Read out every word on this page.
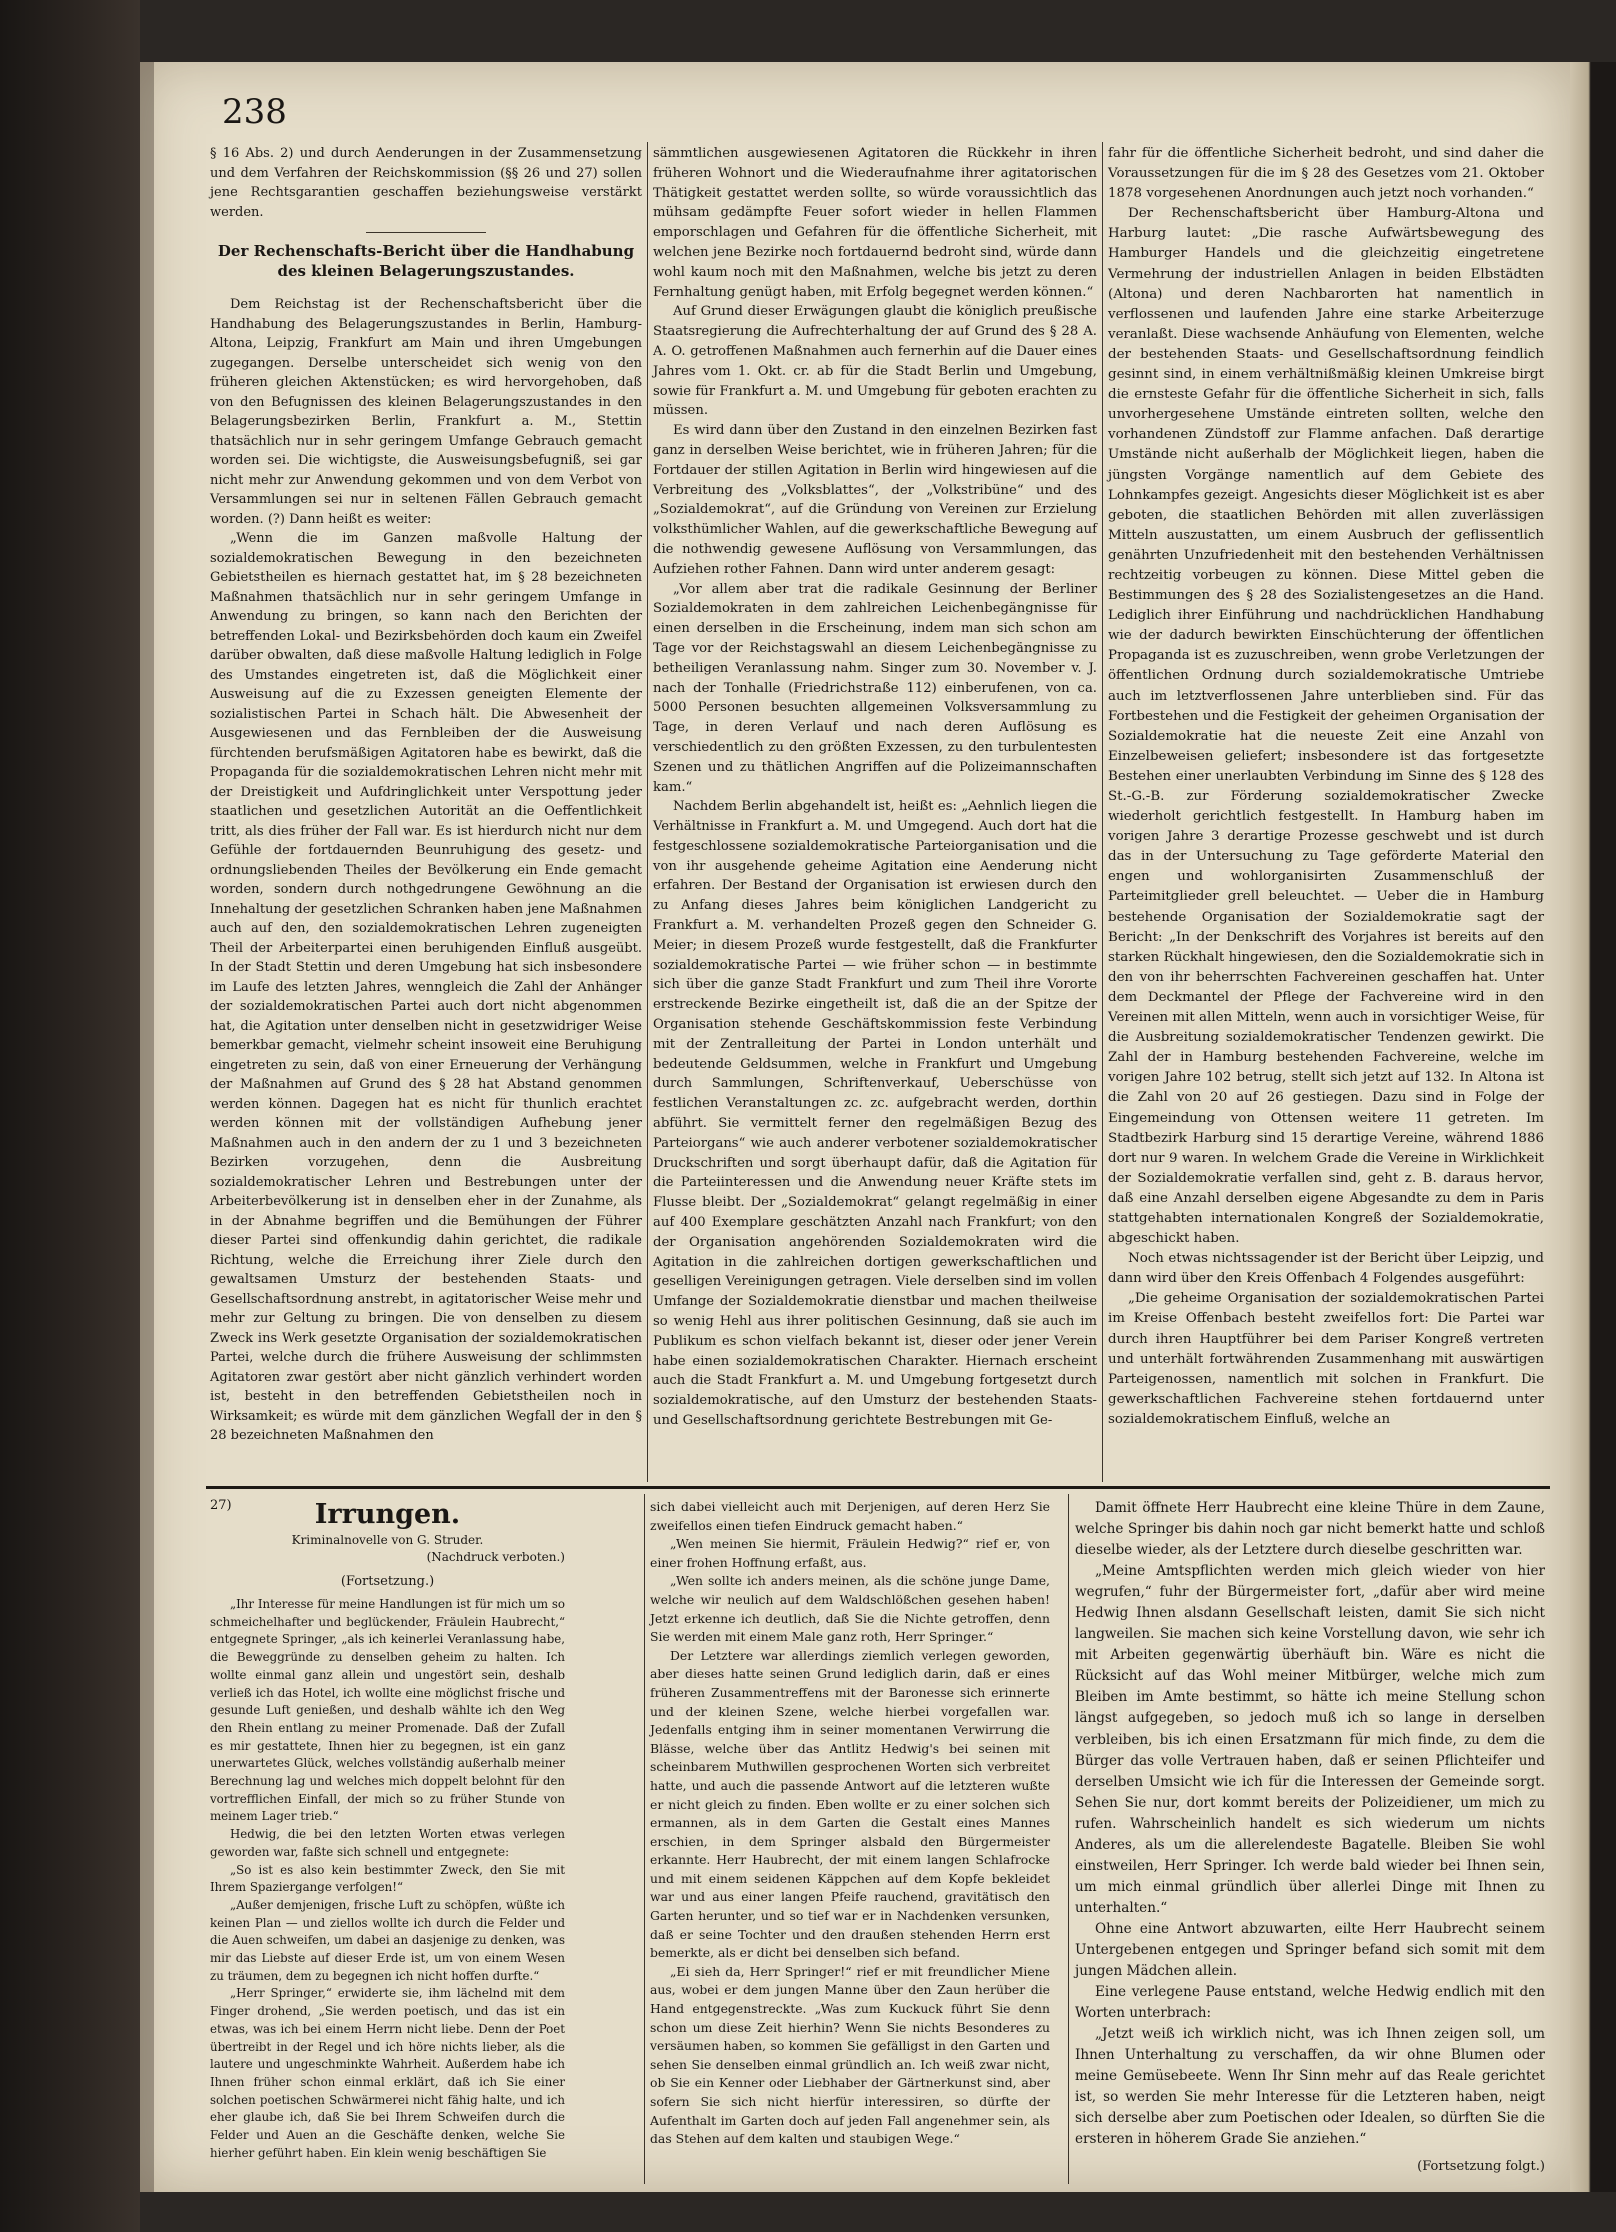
238

§ 16 Abs. 2) und durch Aenderungen in der Zusammensetzung und dem Verfahren der Reichskommission (§§ 26 und 27) sollen jene Rechtsgarantien geschaffen beziehungsweise verstärkt werden.

Der Rechenschafts-Bericht über die Handhabung des kleinen Belagerungszustandes.

Dem Reichstag ist der Rechenschaftsbericht über die Handhabung des Belagerungszustandes in Berlin, Hamburg-Altona, Leipzig, Frankfurt am Main und ihren Umgebungen zugegangen. Derselbe unterscheidet sich wenig von den früheren gleichen Aktenstücken; es wird hervorgehoben, daß von den Befugnissen des kleinen Belagerungszustandes in den Belagerungsbezirken Berlin, Frankfurt a. M., Stettin thatsächlich nur in sehr geringem Umfange Gebrauch gemacht worden sei. Die wichtigste, die Ausweisungsbefugniß, sei gar nicht mehr zur Anwendung gekommen und von dem Verbot von Versammlungen sei nur in seltenen Fällen Gebrauch gemacht worden. (?) Dann heißt es weiter:

„Wenn die im Ganzen maßvolle Haltung der sozialdemokratischen Bewegung in den bezeichneten Gebietstheilen es hiernach gestattet hat, im § 28 bezeichneten Maßnahmen thatsächlich nur in sehr geringem Umfange in Anwendung zu bringen, so kann nach den Berichten der betreffenden Lokal- und Bezirksbehörden doch kaum ein Zweifel darüber obwalten, daß diese maßvolle Haltung lediglich in Folge des Umstandes eingetreten ist, daß die Möglichkeit einer Ausweisung auf die zu Exzessen geneigten Elemente der sozialistischen Partei in Schach hält. Die Abwesenheit der Ausgewiesenen und das Fernbleiben der die Ausweisung fürchtenden berufsmäßigen Agitatoren habe es bewirkt, daß die Propaganda für die sozialdemokratischen Lehren nicht mehr mit der Dreistigkeit und Aufdringlichkeit unter Verspottung jeder staatlichen und gesetzlichen Autorität an die Oeffentlichkeit tritt, als dies früher der Fall war. Es ist hierdurch nicht nur dem Gefühle der fortdauernden Beunruhigung des gesetz- und ordnungsliebenden Theiles der Bevölkerung ein Ende gemacht worden, sondern durch nothgedrungene Gewöhnung an die Innehaltung der gesetzlichen Schranken haben jene Maßnahmen auch auf den, den sozialdemokratischen Lehren zugeneigten Theil der Arbeiterpartei einen beruhigenden Einfluß ausgeübt. In der Stadt Stettin und deren Umgebung hat sich insbesondere im Laufe des letzten Jahres, wenngleich die Zahl der Anhänger der sozialdemokratischen Partei auch dort nicht abgenommen hat, die Agitation unter denselben nicht in gesetzwidriger Weise bemerkbar gemacht, vielmehr scheint insoweit eine Beruhigung eingetreten zu sein, daß von einer Erneuerung der Verhängung der Maßnahmen auf Grund des § 28 hat Abstand genommen werden können. Dagegen hat es nicht für thunlich erachtet werden können mit der vollständigen Aufhebung jener Maßnahmen auch in den andern der zu 1 und 3 bezeichneten Bezirken vorzugehen, denn die Ausbreitung sozialdemokratischer Lehren und Bestrebungen unter der Arbeiterbevölkerung ist in denselben eher in der Zunahme, als in der Abnahme begriffen und die Bemühungen der Führer dieser Partei sind offenkundig dahin gerichtet, die radikale Richtung, welche die Erreichung ihrer Ziele durch den gewaltsamen Umsturz der bestehenden Staats- und Gesellschaftsordnung anstrebt, in agitatorischer Weise mehr und mehr zur Geltung zu bringen. Die von denselben zu diesem Zweck ins Werk gesetzte Organisation der sozialdemokratischen Partei, welche durch die frühere Ausweisung der schlimmsten Agitatoren zwar gestört aber nicht gänzlich verhindert worden ist, besteht in den betreffenden Gebietstheilen noch in Wirksamkeit; es würde mit dem gänzlichen Wegfall der in den § 28 bezeichneten Maßnahmen den

sämmtlichen ausgewiesenen Agitatoren die Rückkehr in ihren früheren Wohnort und die Wiederaufnahme ihrer agitatorischen Thätigkeit gestattet werden sollte, so würde voraussichtlich das mühsam gedämpfte Feuer sofort wieder in hellen Flammen emporschlagen und Gefahren für die öffentliche Sicherheit, mit welchen jene Bezirke noch fortdauernd bedroht sind, würde dann wohl kaum noch mit den Maßnahmen, welche bis jetzt zu deren Fernhaltung genügt haben, mit Erfolg begegnet werden können.“

Auf Grund dieser Erwägungen glaubt die königlich preußische Staatsregierung die Aufrechterhaltung der auf Grund des § 28 A. A. O. getroffenen Maßnahmen auch fernerhin auf die Dauer eines Jahres vom 1. Okt. cr. ab für die Stadt Berlin und Umgebung, sowie für Frankfurt a. M. und Umgebung für geboten erachten zu müssen.

Es wird dann über den Zustand in den einzelnen Bezirken fast ganz in derselben Weise berichtet, wie in früheren Jahren; für die Fortdauer der stillen Agitation in Berlin wird hingewiesen auf die Verbreitung des „Volksblattes“, der „Volkstribüne“ und des „Sozialdemokrat“, auf die Gründung von Vereinen zur Erzielung volksthümlicher Wahlen, auf die gewerkschaftliche Bewegung auf die nothwendig gewesene Auflösung von Versammlungen, das Aufziehen rother Fahnen. Dann wird unter anderem gesagt:

„Vor allem aber trat die radikale Gesinnung der Berliner Sozialdemokraten in dem zahlreichen Leichenbegängnisse für einen derselben in die Erscheinung, indem man sich schon am Tage vor der Reichstagswahl an diesem Leichenbegängnisse zu betheiligen Veranlassung nahm. Singer zum 30. November v. J. nach der Tonhalle (Friedrichstraße 112) einberufenen, von ca. 5000 Personen besuchten allgemeinen Volksversammlung zu Tage, in deren Verlauf und nach deren Auflösung es verschiedentlich zu den größten Exzessen, zu den turbulentesten Szenen und zu thätlichen Angriffen auf die Polizeimannschaften kam.“

Nachdem Berlin abgehandelt ist, heißt es: „Aehnlich liegen die Verhältnisse in Frankfurt a. M. und Umgegend. Auch dort hat die festgeschlossene sozialdemokratische Parteiorganisation und die von ihr ausgehende geheime Agitation eine Aenderung nicht erfahren. Der Bestand der Organisation ist erwiesen durch den zu Anfang dieses Jahres beim königlichen Landgericht zu Frankfurt a. M. verhandelten Prozeß gegen den Schneider G. Meier; in diesem Prozeß wurde festgestellt, daß die Frankfurter sozialdemokratische Partei — wie früher schon — in bestimmte sich über die ganze Stadt Frankfurt und zum Theil ihre Vororte erstreckende Bezirke eingetheilt ist, daß die an der Spitze der Organisation stehende Geschäftskommission feste Verbindung mit der Zentralleitung der Partei in London unterhält und bedeutende Geldsummen, welche in Frankfurt und Umgebung durch Sammlungen, Schriftenverkauf, Ueberschüsse von festlichen Veranstaltungen zc. zc. aufgebracht werden, dorthin abführt. Sie vermittelt ferner den regelmäßigen Bezug des Parteiorgans“ wie auch anderer verbotener sozialdemokratischer Druckschriften und sorgt überhaupt dafür, daß die Agitation für die Parteiinteressen und die Anwendung neuer Kräfte stets im Flusse bleibt. Der „Sozialdemokrat“ gelangt regelmäßig in einer auf 400 Exemplare geschätzten Anzahl nach Frankfurt; von den der Organisation angehörenden Sozialdemokraten wird die Agitation in die zahlreichen dortigen gewerkschaftlichen und geselligen Vereinigungen getragen. Viele derselben sind im vollen Umfange der Sozialdemokratie dienstbar und machen theilweise so wenig Hehl aus ihrer politischen Gesinnung, daß sie auch im Publikum es schon vielfach bekannt ist, dieser oder jener Verein habe einen sozialdemokratischen Charakter. Hiernach erscheint auch die Stadt Frankfurt a. M. und Umgebung fortgesetzt durch sozialdemokratische, auf den Umsturz der bestehenden Staats- und Gesellschaftsordnung gerichtete Bestrebungen mit Ge-

fahr für die öffentliche Sicherheit bedroht, und sind daher die Voraussetzungen für die im § 28 des Gesetzes vom 21. Oktober 1878 vorgesehenen Anordnungen auch jetzt noch vorhanden.“

Der Rechenschaftsbericht über Hamburg-Altona und Harburg lautet: „Die rasche Aufwärtsbewegung des Hamburger Handels und die gleichzeitig eingetretene Vermehrung der industriellen Anlagen in beiden Elbstädten (Altona) und deren Nachbarorten hat namentlich in verflossenen und laufenden Jahre eine starke Arbeiterzuge veranlaßt. Diese wachsende Anhäufung von Elementen, welche der bestehenden Staats- und Gesellschaftsordnung feindlich gesinnt sind, in einem verhältnißmäßig kleinen Umkreise birgt die ernsteste Gefahr für die öffentliche Sicherheit in sich, falls unvorhergesehene Umstände eintreten sollten, welche den vorhandenen Zündstoff zur Flamme anfachen. Daß derartige Umstände nicht außerhalb der Möglichkeit liegen, haben die jüngsten Vorgänge namentlich auf dem Gebiete des Lohnkampfes gezeigt. Angesichts dieser Möglichkeit ist es aber geboten, die staatlichen Behörden mit allen zuverlässigen Mitteln auszustatten, um einem Ausbruch der geflissentlich genährten Unzufriedenheit mit den bestehenden Verhältnissen rechtzeitig vorbeugen zu können. Diese Mittel geben die Bestimmungen des § 28 des Sozialistengesetzes an die Hand. Lediglich ihrer Einführung und nachdrücklichen Handhabung wie der dadurch bewirkten Einschüchterung der öffentlichen Propaganda ist es zuzuschreiben, wenn grobe Verletzungen der öffentlichen Ordnung durch sozialdemokratische Umtriebe auch im letztverflossenen Jahre unterblieben sind. Für das Fortbestehen und die Festigkeit der geheimen Organisation der Sozialdemokratie hat die neueste Zeit eine Anzahl von Einzelbeweisen geliefert; insbesondere ist das fortgesetzte Bestehen einer unerlaubten Verbindung im Sinne des § 128 des St.-G.-B. zur Förderung sozialdemokratischer Zwecke wiederholt gerichtlich festgestellt. In Hamburg haben im vorigen Jahre 3 derartige Prozesse geschwebt und ist durch das in der Untersuchung zu Tage geförderte Material den engen und wohlorganisirten Zusammenschluß der Parteimitglieder grell beleuchtet. — Ueber die in Hamburg bestehende Organisation der Sozialdemokratie sagt der Bericht: „In der Denkschrift des Vorjahres ist bereits auf den starken Rückhalt hingewiesen, den die Sozialdemokratie sich in den von ihr beherrschten Fachvereinen geschaffen hat. Unter dem Deckmantel der Pflege der Fachvereine wird in den Vereinen mit allen Mitteln, wenn auch in vorsichtiger Weise, für die Ausbreitung sozialdemokratischer Tendenzen gewirkt. Die Zahl der in Hamburg bestehenden Fachvereine, welche im vorigen Jahre 102 betrug, stellt sich jetzt auf 132. In Altona ist die Zahl von 20 auf 26 gestiegen. Dazu sind in Folge der Eingemeindung von Ottensen weitere 11 getreten. Im Stadtbezirk Harburg sind 15 derartige Vereine, während 1886 dort nur 9 waren. In welchem Grade die Vereine in Wirklichkeit der Sozialdemokratie verfallen sind, geht z. B. daraus hervor, daß eine Anzahl derselben eigene Abgesandte zu dem in Paris stattgehabten internationalen Kongreß der Sozialdemokratie, abgeschickt haben.

Noch etwas nichtssagender ist der Bericht über Leipzig, und dann wird über den Kreis Offenbach 4 Folgendes ausgeführt:

„Die geheime Organisation der sozialdemokratischen Partei im Kreise Offenbach besteht zweifellos fort: Die Partei war durch ihren Hauptführer bei dem Pariser Kongreß vertreten und unterhält fortwährenden Zusammenhang mit auswärtigen Parteigenossen, namentlich mit solchen in Frankfurt. Die gewerkschaftlichen Fachvereine stehen fortdauernd unter sozialdemokratischem Einfluß, welche an

27)	Irrungen.
Kriminalnovelle von G. Struder.
(Nachdruck verboten.)
(Fortsetzung.)

„Ihr Interesse für meine Handlungen ist für mich um so schmeichelhafter und beglückender, Fräulein Haubrecht,“ entgegnete Springer, „als ich keinerlei Veranlassung habe, die Beweggründe zu denselben geheim zu halten. Ich wollte einmal ganz allein und ungestört sein, deshalb verließ ich das Hotel, ich wollte eine möglichst frische und gesunde Luft genießen, und deshalb wählte ich den Weg den Rhein entlang zu meiner Promenade. Daß der Zufall es mir gestattete, Ihnen hier zu begegnen, ist ein ganz unerwartetes Glück, welches vollständig außerhalb meiner Berechnung lag und welches mich doppelt belohnt für den vortrefflichen Einfall, der mich so zu früher Stunde von meinem Lager trieb.“

Hedwig, die bei den letzten Worten etwas verlegen geworden war, faßte sich schnell und entgegnete:

„So ist es also kein bestimmter Zweck, den Sie mit Ihrem Spaziergange verfolgen!“

„Außer demjenigen, frische Luft zu schöpfen, wüßte ich keinen Plan — und ziellos wollte ich durch die Felder und die Auen schweifen, um dabei an dasjenige zu denken, was mir das Liebste auf dieser Erde ist, um von einem Wesen zu träumen, dem zu begegnen ich nicht hoffen durfte.“

„Herr Springer,“ erwiderte sie, ihm lächelnd mit dem Finger drohend, „Sie werden poetisch, und das ist ein etwas, was ich bei einem Herrn nicht liebe. Denn der Poet übertreibt in der Regel und ich höre nichts lieber, als die lautere und ungeschminkte Wahrheit. Außerdem habe ich Ihnen früher schon einmal erklärt, daß ich Sie einer solchen poetischen Schwärmerei nicht fähig halte, und ich eher glaube ich, daß Sie bei Ihrem Schweifen durch die Felder und Auen an die Geschäfte denken, welche Sie hierher geführt haben. Ein klein wenig beschäftigen Sie

sich dabei vielleicht auch mit Derjenigen, auf deren Herz Sie zweifellos einen tiefen Eindruck gemacht haben.“

„Wen meinen Sie hiermit, Fräulein Hedwig?“ rief er, von einer frohen Hoffnung erfaßt, aus.

„Wen sollte ich anders meinen, als die schöne junge Dame, welche wir neulich auf dem Waldschlößchen gesehen haben! Jetzt erkenne ich deutlich, daß Sie die Nichte getroffen, denn Sie werden mit einem Male ganz roth, Herr Springer.“

Der Letztere war allerdings ziemlich verlegen geworden, aber dieses hatte seinen Grund lediglich darin, daß er eines früheren Zusammentreffens mit der Baronesse sich erinnerte und der kleinen Szene, welche hierbei vorgefallen war. Jedenfalls entging ihm in seiner momentanen Verwirrung die Blässe, welche über das Antlitz Hedwig's bei seinen mit scheinbarem Muthwillen gesprochenen Worten sich verbreitet hatte, und auch die passende Antwort auf die letzteren wußte er nicht gleich zu finden. Eben wollte er zu einer solchen sich ermannen, als in dem Garten die Gestalt eines Mannes erschien, in dem Springer alsbald den Bürgermeister erkannte. Herr Haubrecht, der mit einem langen Schlafrocke und mit einem seidenen Käppchen auf dem Kopfe bekleidet war und aus einer langen Pfeife rauchend, gravitätisch den Garten herunter, und so tief war er in Nachdenken versunken, daß er seine Tochter und den draußen stehenden Herrn erst bemerkte, als er dicht bei denselben sich befand.

„Ei sieh da, Herr Springer!“ rief er mit freundlicher Miene aus, wobei er dem jungen Manne über den Zaun herüber die Hand entgegenstreckte. „Was zum Kuckuck führt Sie denn schon um diese Zeit hierhin? Wenn Sie nichts Besonderes zu versäumen haben, so kommen Sie gefälligst in den Garten und sehen Sie denselben einmal gründlich an. Ich weiß zwar nicht, ob Sie ein Kenner oder Liebhaber der Gärtnerkunst sind, aber sofern Sie sich nicht hierfür interessiren, so dürfte der Aufenthalt im Garten doch auf jeden Fall angenehmer sein, als das Stehen auf dem kalten und staubigen Wege.“

Damit öffnete Herr Haubrecht eine kleine Thüre in dem Zaune, welche Springer bis dahin noch gar nicht bemerkt hatte und schloß dieselbe wieder, als der Letztere durch dieselbe geschritten war.

„Meine Amtspflichten werden mich gleich wieder von hier wegrufen,“ fuhr der Bürgermeister fort, „dafür aber wird meine Hedwig Ihnen alsdann Gesellschaft leisten, damit Sie sich nicht langweilen. Sie machen sich keine Vorstellung davon, wie sehr ich mit Arbeiten gegenwärtig überhäuft bin. Wäre es nicht die Rücksicht auf das Wohl meiner Mitbürger, welche mich zum Bleiben im Amte bestimmt, so hätte ich meine Stellung schon längst aufgegeben, so jedoch muß ich so lange in derselben verbleiben, bis ich einen Ersatzmann für mich finde, zu dem die Bürger das volle Vertrauen haben, daß er seinen Pflichteifer und derselben Umsicht wie ich für die Interessen der Gemeinde sorgt. Sehen Sie nur, dort kommt bereits der Polizeidiener, um mich zu rufen. Wahrscheinlich handelt es sich wiederum um nichts Anderes, als um die allerelendeste Bagatelle. Bleiben Sie wohl einstweilen, Herr Springer. Ich werde bald wieder bei Ihnen sein, um mich einmal gründlich über allerlei Dinge mit Ihnen zu unterhalten.“

Ohne eine Antwort abzuwarten, eilte Herr Haubrecht seinem Untergebenen entgegen und Springer befand sich somit mit dem jungen Mädchen allein.

Eine verlegene Pause entstand, welche Hedwig endlich mit den Worten unterbrach:

„Jetzt weiß ich wirklich nicht, was ich Ihnen zeigen soll, um Ihnen Unterhaltung zu verschaffen, da wir ohne Blumen oder meine Gemüsebeete. Wenn Ihr Sinn mehr auf das Reale gerichtet ist, so werden Sie mehr Interesse für die Letzteren haben, neigt sich derselbe aber zum Poetischen oder Idealen, so dürften Sie die ersteren in höherem Grade Sie anziehen.“

(Fortsetzung folgt.)
